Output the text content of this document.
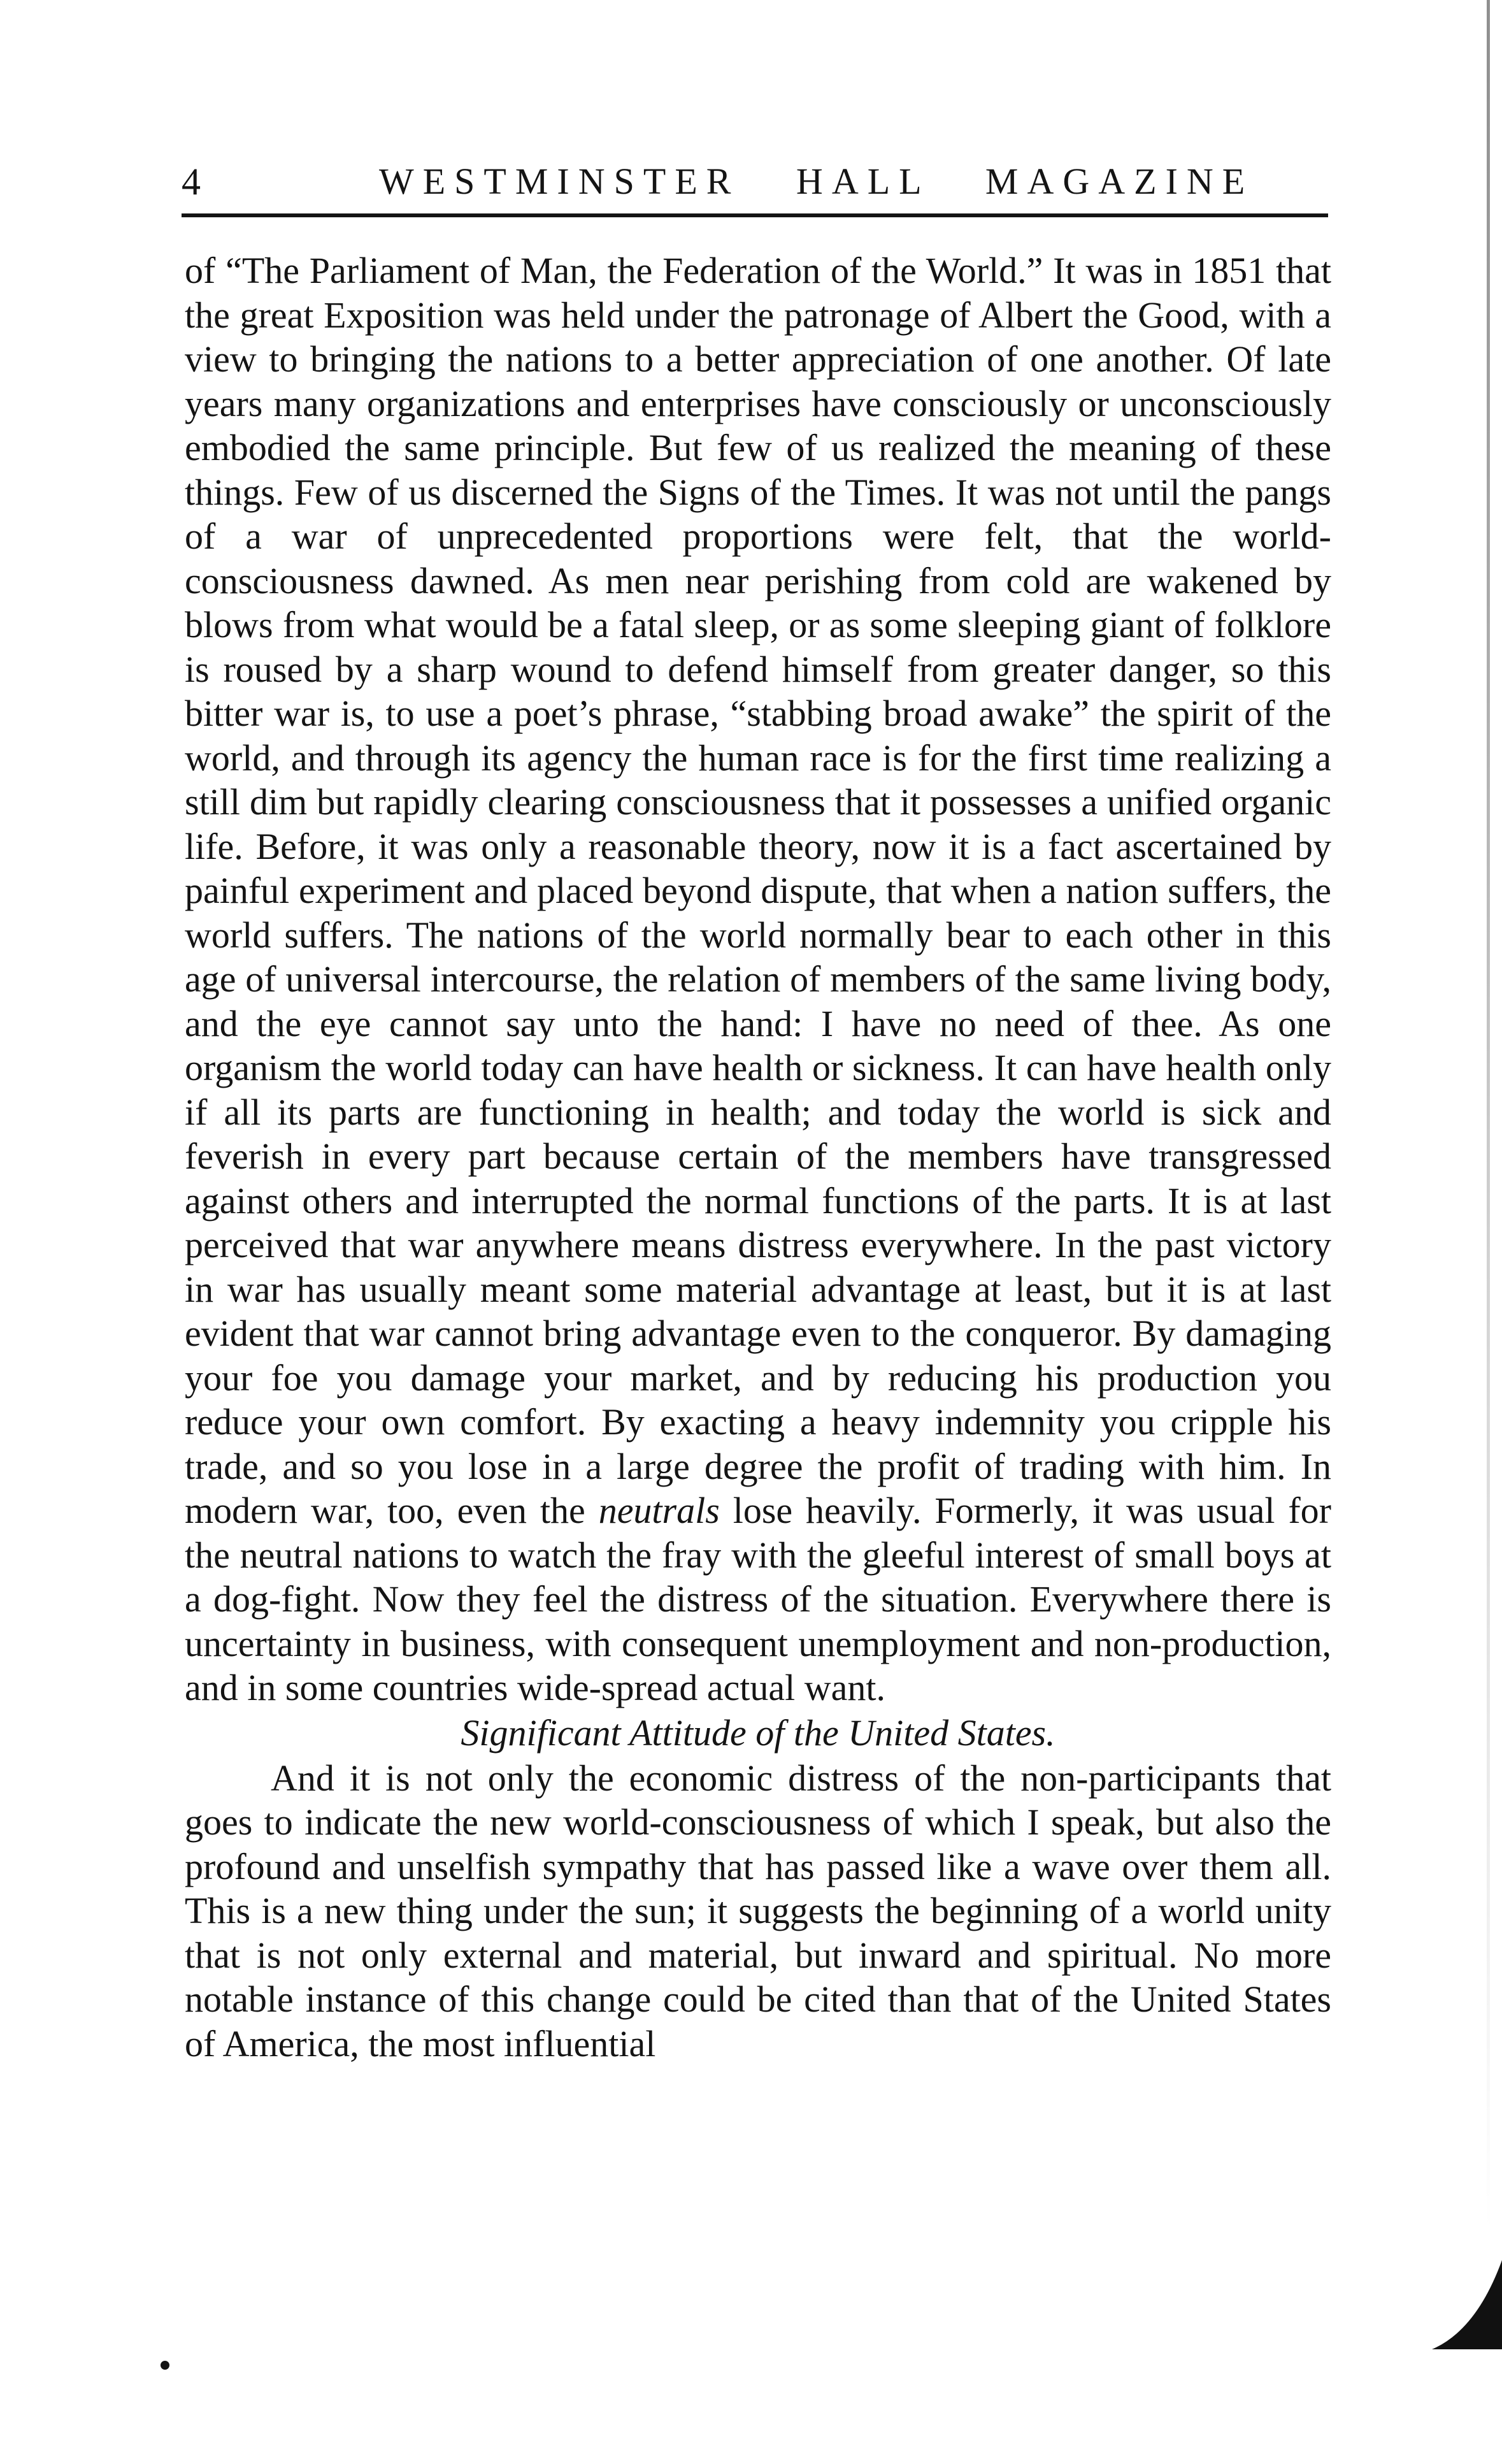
4	WESTMINSTER HALL MAGAZINE

of “The Parliament of Man, the Federation of the World.” It was in 1851 that the great Exposition was held under the patronage of Albert the Good, with a view to bringing the nations to a better appreciation of one another. Of late years many organizations and enterprises have consciously or unconsciously embodied the same principle. But few of us realized the meaning of these things. Few of us discerned the Signs of the Times. It was not until the pangs of a war of unprecedented proportions were felt, that the world-consciousness dawned. As men near perishing from cold are wakened by blows from what would be a fatal sleep, or as some sleeping giant of folklore is roused by a sharp wound to defend himself from greater danger, so this bitter war is, to use a poet’s phrase, “stabbing broad awake” the spirit of the world, and through its agency the human race is for the first time realizing a still dim but rapidly clearing consciousness that it possesses a unified organic life. Before, it was only a reasonable theory, now it is a fact ascertained by painful experiment and placed beyond dispute, that when a nation suffers, the world suffers. The nations of the world normally bear to each other in this age of universal intercourse, the relation of members of the same living body, and the eye cannot say unto the hand: I have no need of thee. As one organism the world today can have health or sickness. It can have health only if all its parts are functioning in health; and today the world is sick and feverish in every part because certain of the members have transgressed against others and interrupted the normal functions of the parts. It is at last perceived that war anywhere means distress everywhere. In the past victory in war has usually meant some material advantage at least, but it is at last evident that war cannot bring advantage even to the conqueror. By damaging your foe you damage your market, and by reducing his production you reduce your own comfort. By exacting a heavy indemnity you cripple his trade, and so you lose in a large degree the profit of trading with him. In modern war, too, even the neutrals lose heavily. Formerly, it was usual for the neutral nations to watch the fray with the gleeful interest of small boys at a dog-fight. Now they feel the distress of the situation. Everywhere there is uncertainty in business, with consequent unemployment and non-production, and in some countries wide-spread actual want.

Significant Attitude of the United States.

And it is not only the economic distress of the non-participants that goes to indicate the new world-consciousness of which I speak, but also the profound and unselfish sympathy that has passed like a wave over them all. This is a new thing under the sun; it suggests the beginning of a world unity that is not only external and material, but inward and spiritual. No more notable instance of this change could be cited than that of the United States of America, the most influential
